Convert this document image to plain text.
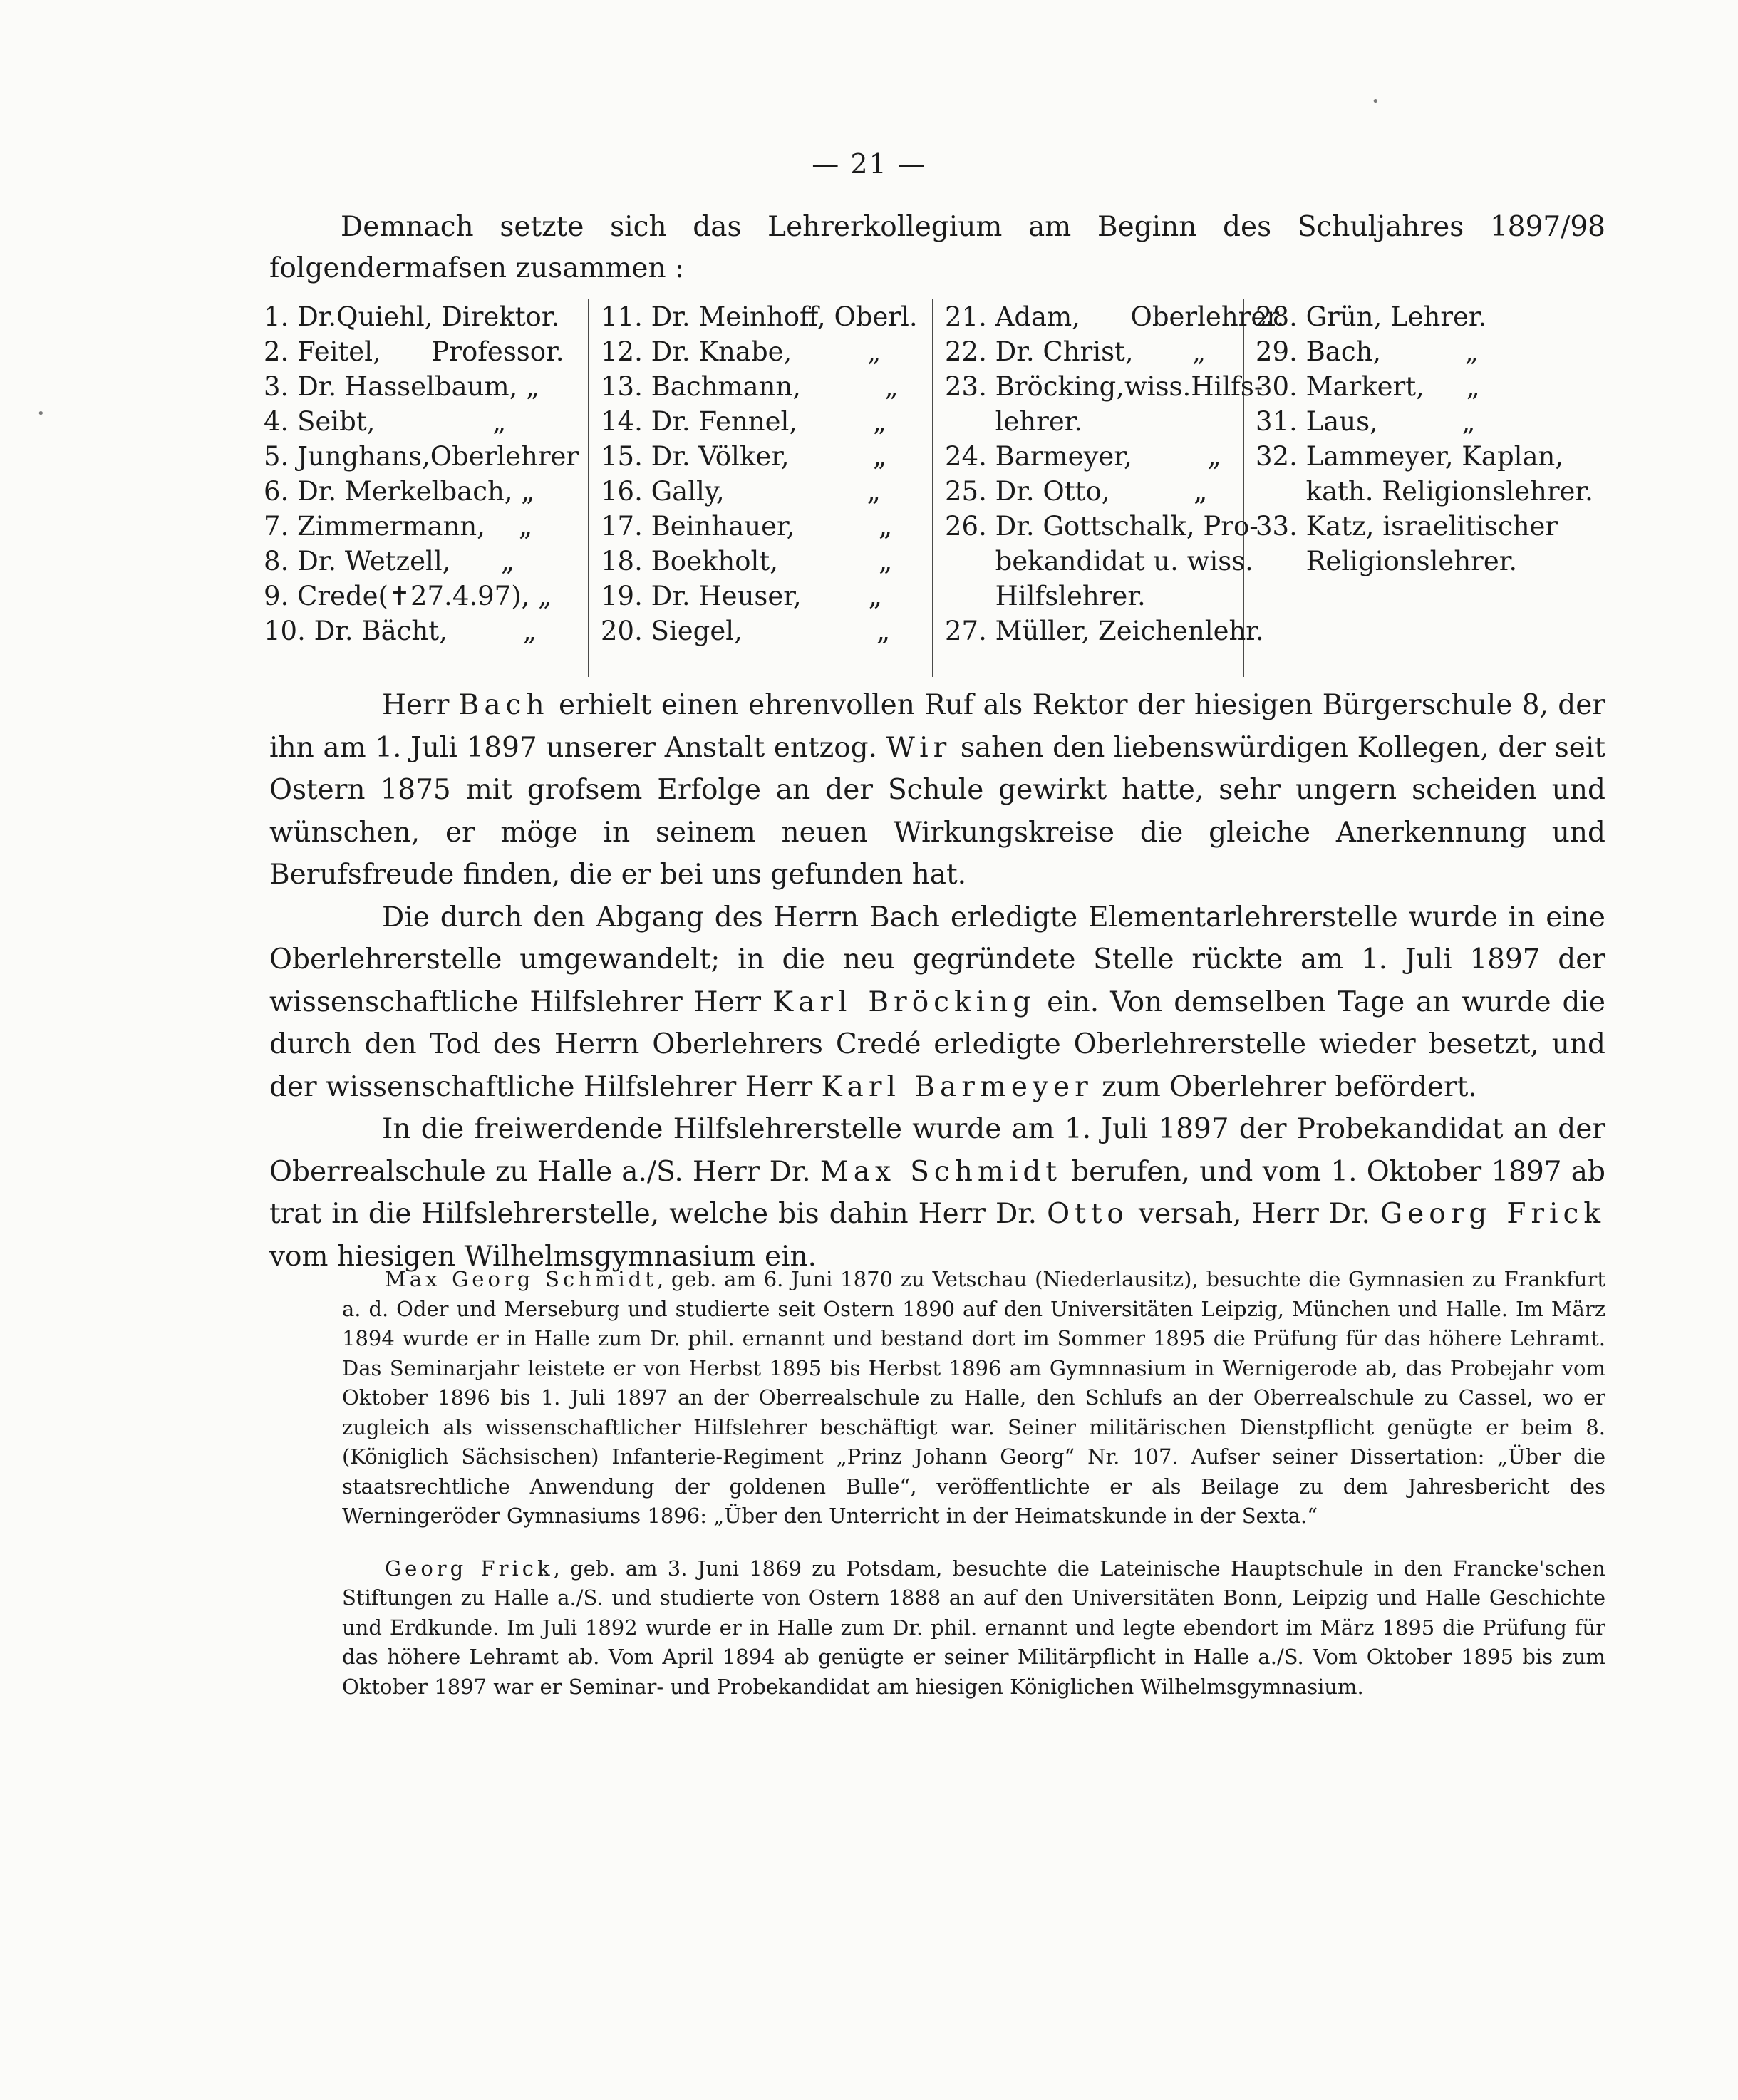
•
•
— 21 —

Demnach setzte sich das Lehrerkollegium am Beginn des Schuljahres 1897/98 folgendermafsen zusammen :

1. Dr.Quiehl, Direktor.
2. Feitel,      Professor.
3. Dr. Hasselbaum, „
4. Seibt,              „
5. Junghans,Oberlehrer
6. Dr. Merkelbach, „
7. Zimmermann,    „
8. Dr. Wetzell,      „
9. Crede(✝27.4.97), „
10. Dr. Bächt,         „
11. Dr. Meinhoff, Oberl.
12. Dr. Knabe,         „
13. Bachmann,          „
14. Dr. Fennel,         „
15. Dr. Völker,          „
16. Gally,                 „
17. Beinhauer,          „
18. Boekholt,            „
19. Dr. Heuser,        „
20. Siegel,                „
21. Adam,      Oberlehrer.
22. Dr. Christ,       „
23. Bröcking,wiss.Hilfs-
lehrer.
24. Barmeyer,         „
25. Dr. Otto,          „
26. Dr. Gottschalk, Pro-
bekandidat u. wiss.
Hilfslehrer.
27. Müller, Zeichenlehr.
28. Grün, Lehrer.
29. Bach,          „
30. Markert,     „
31. Laus,          „
32. Lammeyer, Kaplan,
kath. Religionslehrer.
33. Katz, israelitischer
Religionslehrer.

Herr Bach erhielt einen ehrenvollen Ruf als Rektor der hiesigen Bürgerschule 8, der ihn am 1. Juli 1897 unserer Anstalt entzog. Wir sahen den liebenswürdigen Kollegen, der seit Ostern 1875 mit grofsem Erfolge an der Schule gewirkt hatte, sehr ungern scheiden und wünschen, er möge in seinem neuen Wirkungskreise die gleiche Anerkennung und Berufsfreude finden, die er bei uns gefunden hat.

Die durch den Abgang des Herrn Bach erledigte Elementarlehrerstelle wurde in eine Oberlehrerstelle umgewandelt; in die neu gegründete Stelle rückte am 1. Juli 1897 der wissenschaftliche Hilfslehrer Herr Karl Bröcking ein. Von demselben Tage an wurde die durch den Tod des Herrn Oberlehrers Credé erledigte Oberlehrerstelle wieder besetzt, und der wissenschaftliche Hilfslehrer Herr Karl Barmeyer zum Oberlehrer befördert.

In die freiwerdende Hilfslehrerstelle wurde am 1. Juli 1897 der Probekandidat an der Oberrealschule zu Halle a./S. Herr Dr. Max Schmidt berufen, und vom 1. Oktober 1897 ab trat in die Hilfslehrerstelle, welche bis dahin Herr Dr. Otto versah, Herr Dr. Georg Frick vom hiesigen Wilhelmsgymnasium ein.

Max Georg Schmidt, geb. am 6. Juni 1870 zu Vetschau (Niederlausitz), besuchte die Gymnasien zu Frankfurt a. d. Oder und Merseburg und studierte seit Ostern 1890 auf den Universitäten Leipzig, München und Halle. Im März 1894 wurde er in Halle zum Dr. phil. ernannt und bestand dort im Sommer 1895 die Prüfung für das höhere Lehramt. Das Seminarjahr leistete er von Herbst 1895 bis Herbst 1896 am Gymnnasium in Wernigerode ab, das Probejahr vom Oktober 1896 bis 1. Juli 1897 an der Oberrealschule zu Halle, den Schlufs an der Oberrealschule zu Cassel, wo er zugleich als wissenschaftlicher Hilfslehrer beschäftigt war. Seiner militärischen Dienstpflicht genügte er beim 8. (Königlich Sächsischen) Infanterie-Regiment „Prinz Johann Georg“ Nr. 107. Aufser seiner Dissertation: „Über die staatsrechtliche Anwendung der goldenen Bulle“, veröffentlichte er als Beilage zu dem Jahresbericht des Werningeröder Gymnasiums 1896: „Über den Unterricht in der Heimatskunde in der Sexta.“

Georg Frick, geb. am 3. Juni 1869 zu Potsdam, besuchte die Lateinische Hauptschule in den Francke'schen Stiftungen zu Halle a./S. und studierte von Ostern 1888 an auf den Universitäten Bonn, Leipzig und Halle Geschichte und Erdkunde. Im Juli 1892 wurde er in Halle zum Dr. phil. ernannt und legte ebendort im März 1895 die Prüfung für das höhere Lehramt ab. Vom April 1894 ab genügte er seiner Militärpflicht in Halle a./S. Vom Oktober 1895 bis zum Oktober 1897 war er Seminar- und Probekandidat am hiesigen Königlichen Wilhelmsgymnasium.
